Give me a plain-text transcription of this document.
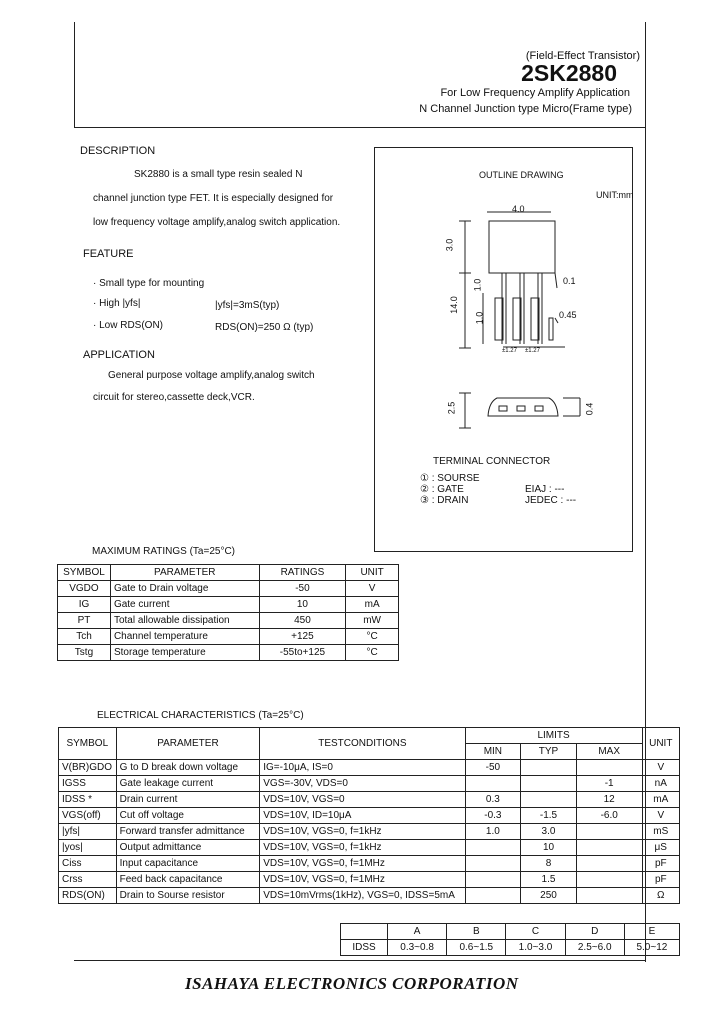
(Field-Effect Transistor)
2SK2880
For Low Frequency Amplify Application
N Channel Junction type Micro(Frame type)
DESCRIPTION
SK2880 is a small type resin sealed N
channel junction type FET. It is especially designed for
low frequency voltage amplify,analog switch application.
FEATURE
· Small type for mounting
· High |yfs|	|yfs|=3mS(typ)
· Low RDS(ON)	RDS(ON)=250 Ω (typ)
APPLICATION
General purpose voltage amplify,analog switch
circuit for stereo,cassette deck,VCR.
OUTLINE DRAWING
UNIT:mm
4.0
3.0
1.0	0.1
14.0
1.0	0.45
±1.27 ±1.27
2.5	0.4
TERMINAL CONNECTOR
① : SOURSE
② : GATE
③ : DRAIN
EIAJ : ---
JEDEC : ---
MAXIMUM RATINGS (Ta=25°C)
SYMBOL	PARAMETER	RATINGS	UNIT
VGDO	Gate to Drain voltage	-50	V
IG	Gate current	10	mA
PT	Total allowable dissipation	450	mW
Tch	Channel temperature	+125	°C
Tstg	Storage temperature	-55to+125	°C
ELECTRICAL CHARACTERISTICS (Ta=25°C)
SYMBOL	PARAMETER	TESTCONDITIONS	LIMITS			UNIT
			MIN	TYP	MAX	
V(BR)GDO	G to D break down voltage	IG=-10μA, IS=0	-50			V
IGSS	Gate leakage current	VGS=-30V, VDS=0			-1	nA
IDSS *	Drain current	VDS=10V, VGS=0	0.3		12	mA
VGS(off)	Cut off voltage	VDS=10V, ID=10μA	-0.3	-1.5	-6.0	V
|yfs|	Forward transfer admittance	VDS=10V, VGS=0, f=1kHz	1.0	3.0		mS
|yos|	Output admittance	VDS=10V, VGS=0, f=1kHz		10		μS
Ciss	Input capacitance	VDS=10V, VGS=0, f=1MHz		8		pF
Crss	Feed back capacitance	VDS=10V, VGS=0, f=1MHz		1.5		pF
RDS(ON)	Drain to Sourse resistor	VDS=10mVrms(1kHz), VGS=0, IDSS=5mA		250		Ω
	A	B	C	D	E
IDSS	0.3~0.8	0.6~1.5	1.0~3.0	2.5~6.0	5.0~12
ISAHAYA ELECTRONICS CORPORATION
